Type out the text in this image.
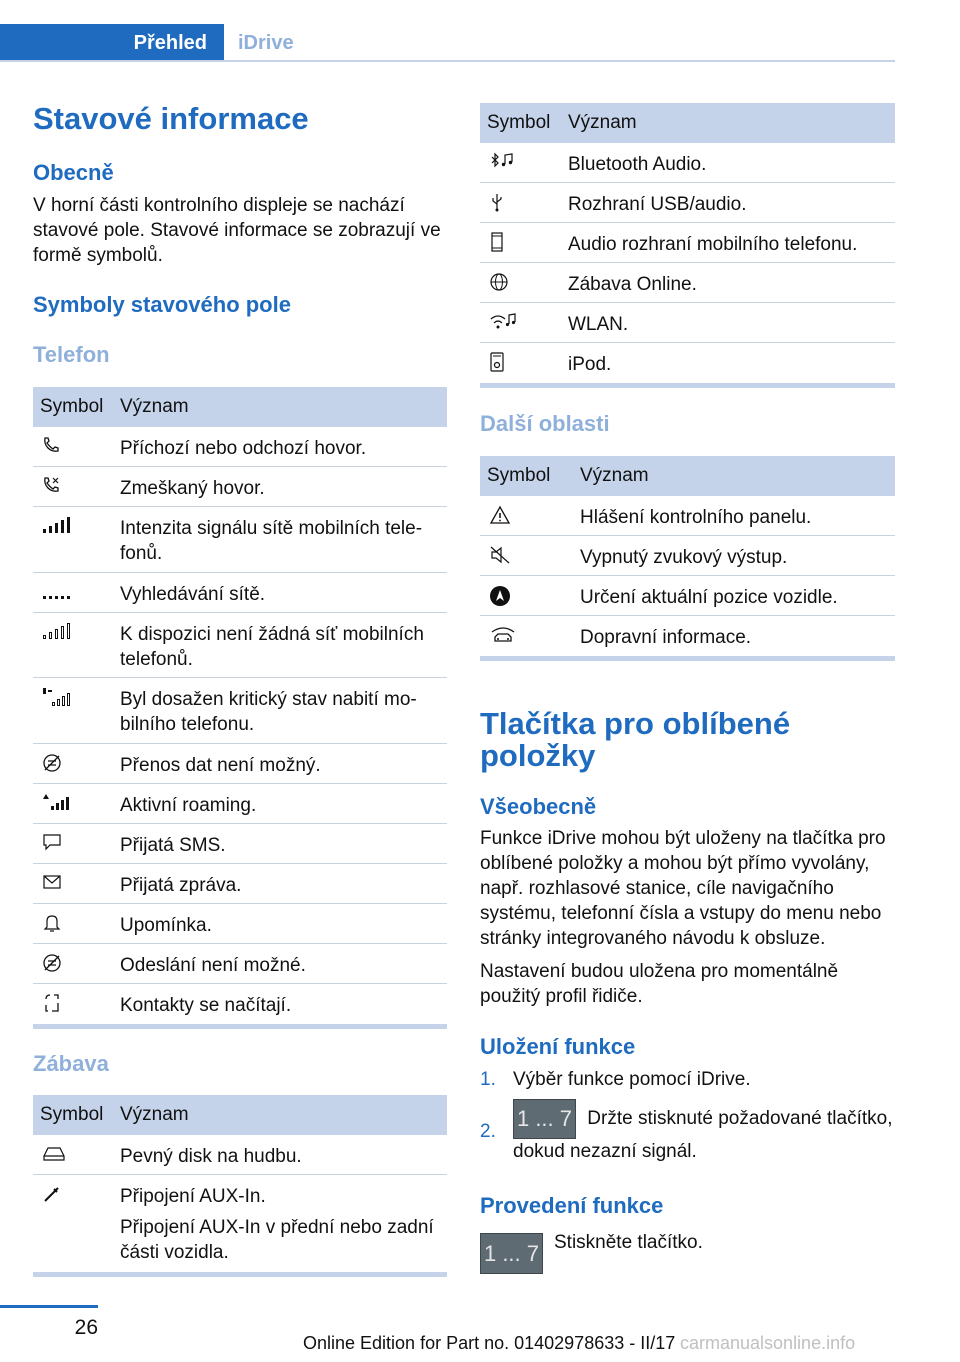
Přehled iDrive
Stavové informace
Obecně
V horní části kontrolního displeje se nachází stavové pole. Stavové informace se zobrazují ve formě symbolů.
Symboly stavového pole
Telefon
Symbol Význam
Příchozí nebo odchozí hovor.
Zmeškaný hovor.
Intenzita signálu sítě mobilních telefonů.
Vyhledávání sítě.
K dispozici není žádná síť mobilních telefonů.
Byl dosažen kritický stav nabití mobilního telefonu.
Přenos dat není možný.
Aktivní roaming.
Přijatá SMS.
Přijatá zpráva.
Upomínka.
Odeslání není možné.
Kontakty se načítají.
Zábava
Symbol Význam
Pevný disk na hudbu.

Připojení AUX-In.

Připojení AUX-In v přední nebo zadní části vozidla.

Symbol Význam
Bluetooth Audio.
Rozhraní USB/audio.
Audio rozhraní mobilního telefonu.
Zábava Online.
WLAN.
iPod.
Další oblasti
Symbol	Význam
Hlášení kontrolního panelu.
Vypnutý zvukový výstup.
Určení aktuální pozice vozidle.
Dopravní informace.
Tlačítka pro oblíbené
položky
Všeobecně
Funkce iDrive mohou být uloženy na tlačítka pro oblíbené položky a mohou být přímo vyvolány, např. rozhlasové stanice, cíle navigačního systému, telefonní čísla a vstupy do menu nebo stránky integrovaného návodu k obsluze.
Nastavení budou uložena pro momentálně použitý profil řidiče.
Uložení funkce
1. Výběr funkce pomocí iDrive.
2.
1 ... 7 Držte stisknuté požadované tlačítko, dokud nezazní signál.
Provedení funkce
1 ... 7 Stiskněte tlačítko.
26
Online Edition for Part no. 01402978633 - II/17 carmanualsonline.info
